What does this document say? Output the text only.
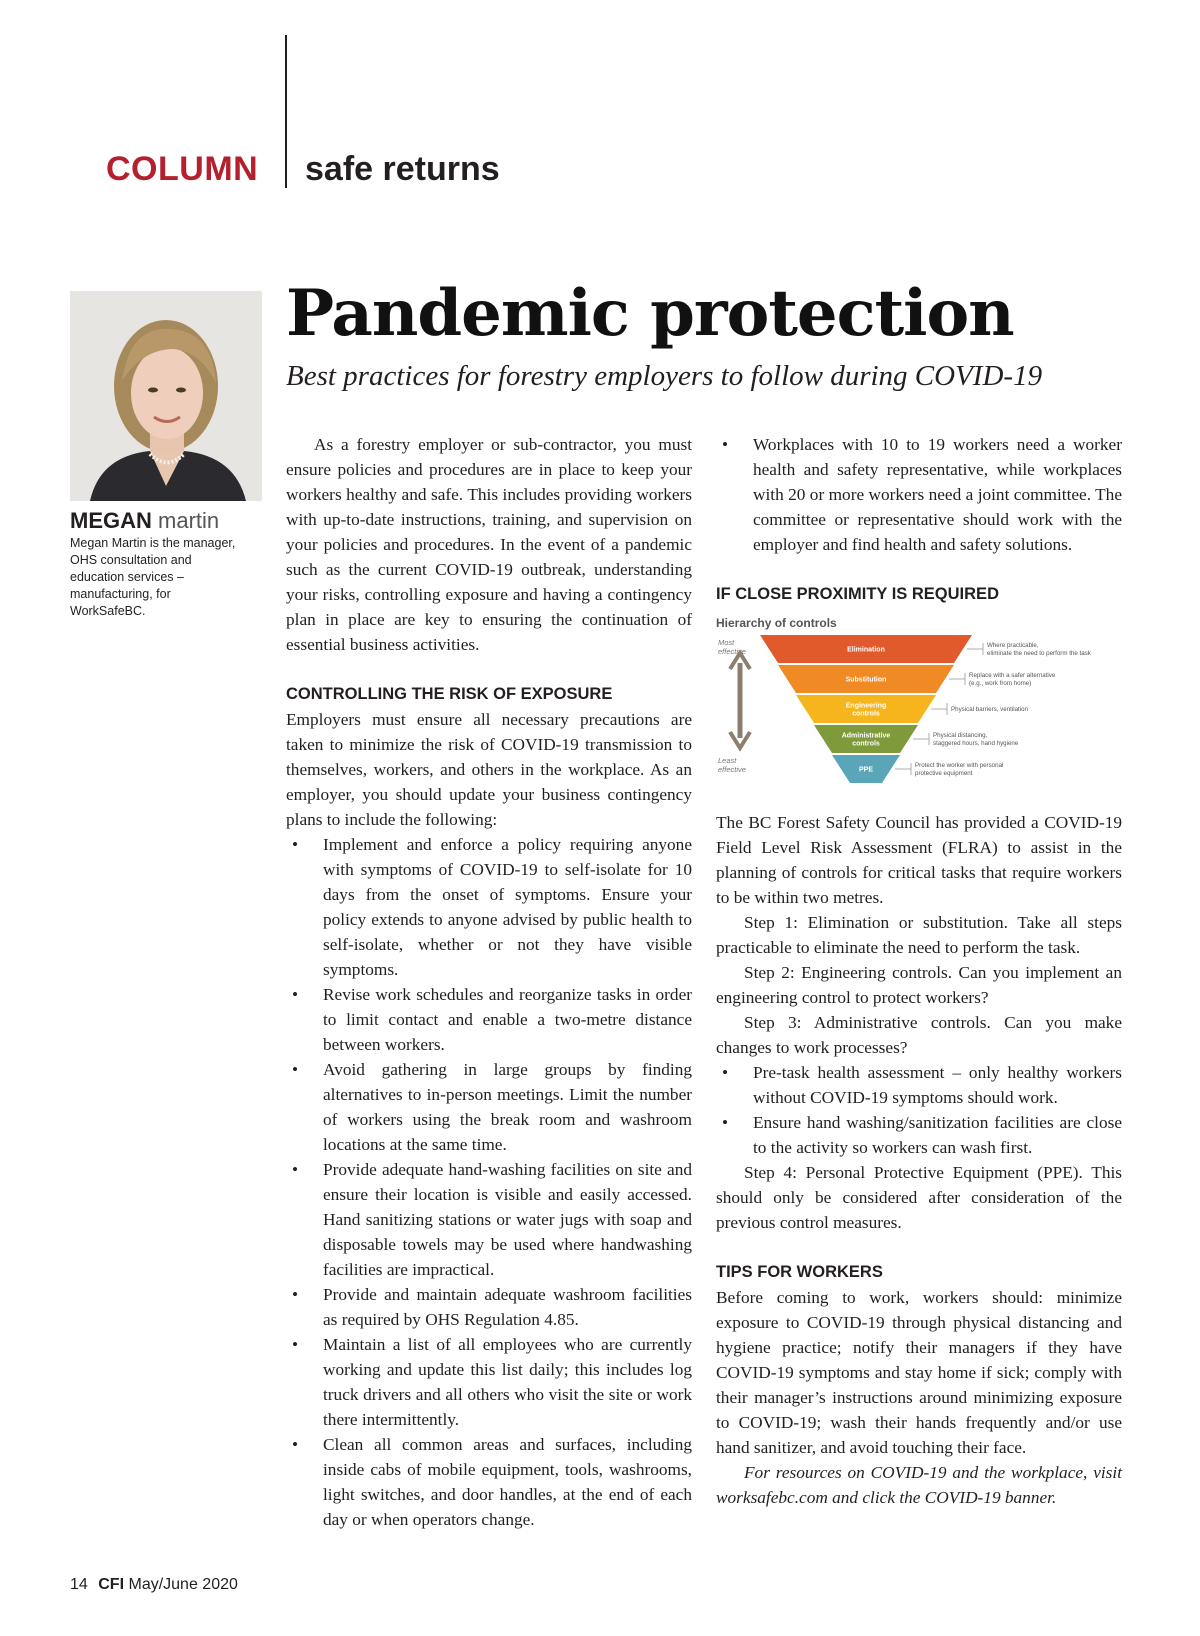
COLUMN safe returns
MEGAN martin
Megan Martin is the manager, OHS consultation and education services – manufacturing, for WorkSafeBC.
Pandemic protection
Best practices for forestry employers to follow during COVID-19

As a forestry employer or sub-contractor, you must ensure policies and procedures are in place to keep your workers healthy and safe. This includes providing workers with up-to-date instructions, training, and supervision on your policies and procedures. In the event of a pandemic such as the current COVID-19 outbreak, understanding your risks, controlling exposure and having a contingency plan in place are key to ensuring the continuation of essential business activities.

CONTROLLING THE RISK OF EXPOSURE

Employers must ensure all necessary precautions are taken to minimize the risk of COVID-19 transmission to themselves, workers, and others in the workplace. As an employer, you should update your business contingency plans to include the following:

• Implement and enforce a policy requiring anyone with symptoms of COVID-19 to self-isolate for 10 days from the onset of symptoms. Ensure your policy extends to anyone advised by public health to self-isolate, whether or not they have visible symptoms.
• Revise work schedules and reorganize tasks in order to limit contact and enable a two-metre distance between workers.
• Avoid gathering in large groups by finding alternatives to in-person meetings. Limit the number of workers using the break room and washroom locations at the same time.
• Provide adequate hand-washing facilities on site and ensure their location is visible and easily accessed. Hand sanitizing stations or water jugs with soap and disposable towels may be used where handwashing facilities are impractical.
• Provide and maintain adequate washroom facilities as required by OHS Regulation 4.85.
• Maintain a list of all employees who are currently working and update this list daily; this includes log truck drivers and all others who visit the site or work there intermittently.
• Clean all common areas and surfaces, including inside cabs of mobile equipment, tools, washrooms, light switches, and door handles, at the end of each day or when operators change.
• Workplaces with 10 to 19 workers need a worker health and safety representative, while workplaces with 20 or more workers need a joint committee. The committee or representative should work with the employer and find health and safety solutions.
IF CLOSE PROXIMITY IS REQUIRED
Hierarchy of controls
Most effective
Least effective
Elimination
Where practicable, eliminate the need to perform the task
Substitution
Replace with a safer alternative (e.g., work from home)
Engineering controls
Physical barriers, ventilation
Administrative controls
Physical distancing, staggered hours, hand hygiene
PPE
Protect the worker with personal protective equipment

The BC Forest Safety Council has provided a COVID-19 Field Level Risk Assessment (FLRA) to assist in the planning of controls for critical tasks that require workers to be within two metres.

Step 1: Elimination or substitution. Take all steps practicable to eliminate the need to perform the task.

Step 2: Engineering controls. Can you implement an engineering control to protect workers?

Step 3: Administrative controls. Can you make changes to work processes?

• Pre-task health assessment – only healthy workers without COVID-19 symptoms should work.
• Ensure hand washing/sanitization facilities are close to the activity so workers can wash first.

Step 4: Personal Protective Equipment (PPE). This should only be considered after consideration of the previous control measures.

TIPS FOR WORKERS

Before coming to work, workers should: minimize exposure to COVID-19 through physical distancing and hygiene practice; notify their managers if they have COVID-19 symptoms and stay home if sick; comply with their manager’s instructions around minimizing exposure to COVID-19; wash their hands frequently and/or use hand sanitizer, and avoid touching their face.

For resources on COVID-19 and the workplace, visit worksafebc.com and click the COVID-19 banner.

14 CFI May/June 2020
